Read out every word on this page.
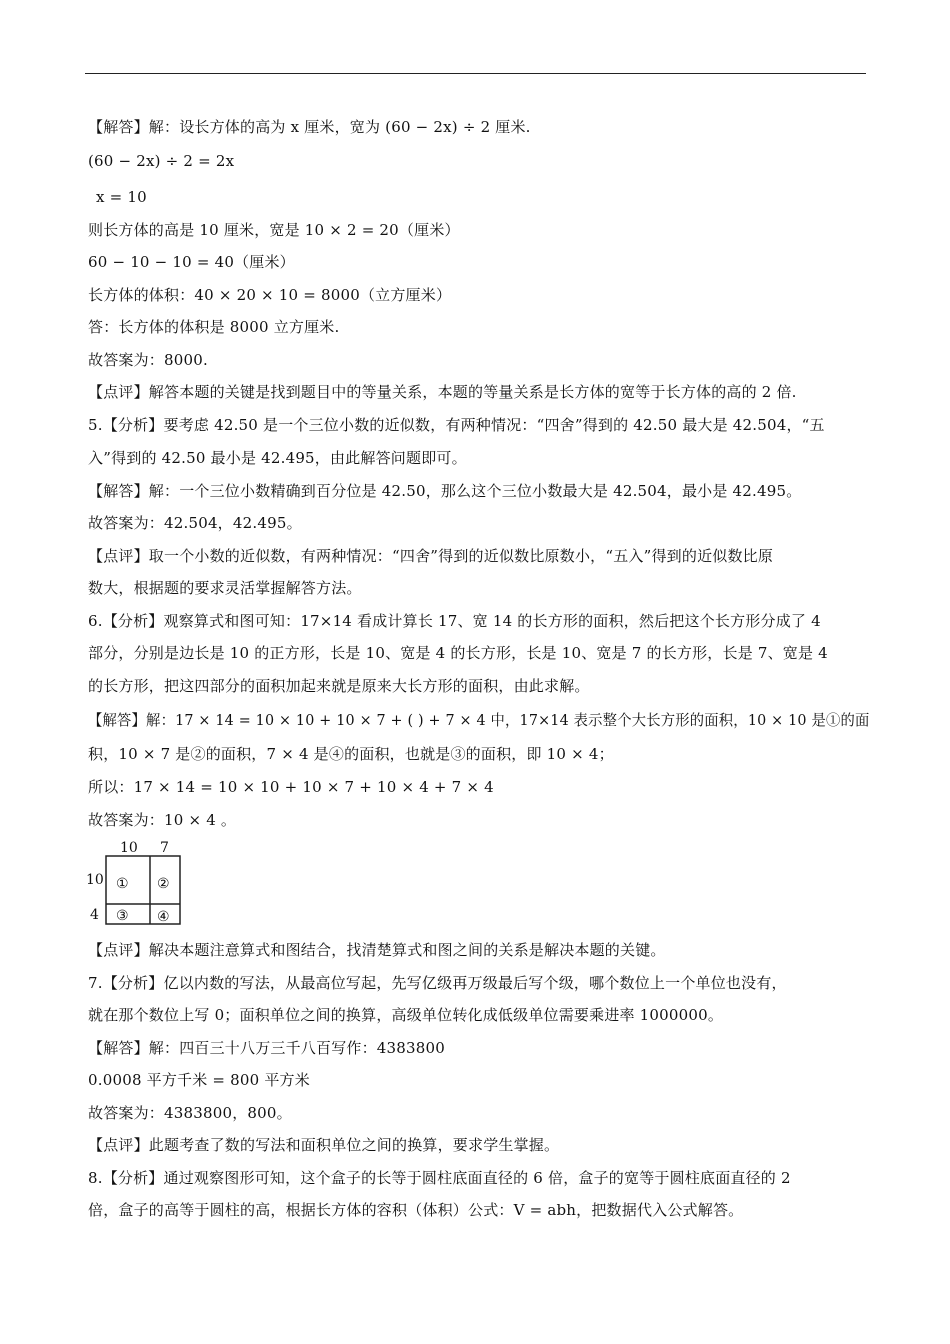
【解答】解：设长方体的高为 x 厘米，宽为 (60 − 2x) ÷ 2 厘米.
(60 − 2x) ÷ 2 = 2x
x = 10
则长方体的高是 10 厘米，宽是 10 × 2 = 20（厘米）
60 − 10 − 10 = 40（厘米）
长方体的体积：40 × 20 × 10 = 8000（立方厘米）
答：长方体的体积是 8000 立方厘米.
故答案为：8000.
【点评】解答本题的关键是找到题目中的等量关系，本题的等量关系是长方体的宽等于长方体的高的 2 倍.
5.【分析】要考虑 42.50 是一个三位小数的近似数，有两种情况：“四舍”得到的 42.50 最大是 42.504，“五
入”得到的 42.50 最小是 42.495，由此解答问题即可。
【解答】解：一个三位小数精确到百分位是 42.50，那么这个三位小数最大是 42.504，最小是 42.495。
故答案为：42.504，42.495。
【点评】取一个小数的近似数，有两种情况：“四舍”得到的近似数比原数小，“五入”得到的近似数比原
数大，根据题的要求灵活掌握解答方法。
6.【分析】观察算式和图可知：17×14 看成计算长 17、宽 14 的长方形的面积，然后把这个长方形分成了 4
部分，分别是边长是 10 的正方形，长是 10、宽是 4 的长方形，长是 10、宽是 7 的长方形，长是 7、宽是 4
的长方形，把这四部分的面积加起来就是原来大长方形的面积，由此求解。
【解答】解：17 × 14 = 10 × 10 + 10 × 7 + ( ) + 7 × 4 中，17×14 表示整个大长方形的面积，10 × 10 是①的面
积，10 × 7 是②的面积，7 × 4 是④的面积，也就是③的面积，即 10 × 4；
所以：17 × 14 = 10 × 10 + 10 × 7 + 10 × 4 + 7 × 4
故答案为：10 × 4 。
10 7
10
4
① ②
③ ④
【点评】解决本题注意算式和图结合，找清楚算式和图之间的关系是解决本题的关键。
7.【分析】亿以内数的写法，从最高位写起，先写亿级再万级最后写个级，哪个数位上一个单位也没有，
就在那个数位上写 0；面积单位之间的换算，高级单位转化成低级单位需要乘进率 1000000。
【解答】解：四百三十八万三千八百写作：4383800
0.0008 平方千米 = 800 平方米
故答案为：4383800，800。
【点评】此题考查了数的写法和面积单位之间的换算，要求学生掌握。
8.【分析】通过观察图形可知，这个盒子的长等于圆柱底面直径的 6 倍，盒子的宽等于圆柱底面直径的 2
倍，盒子的高等于圆柱的高，根据长方体的容积（体积）公式：V = abh，把数据代入公式解答。
